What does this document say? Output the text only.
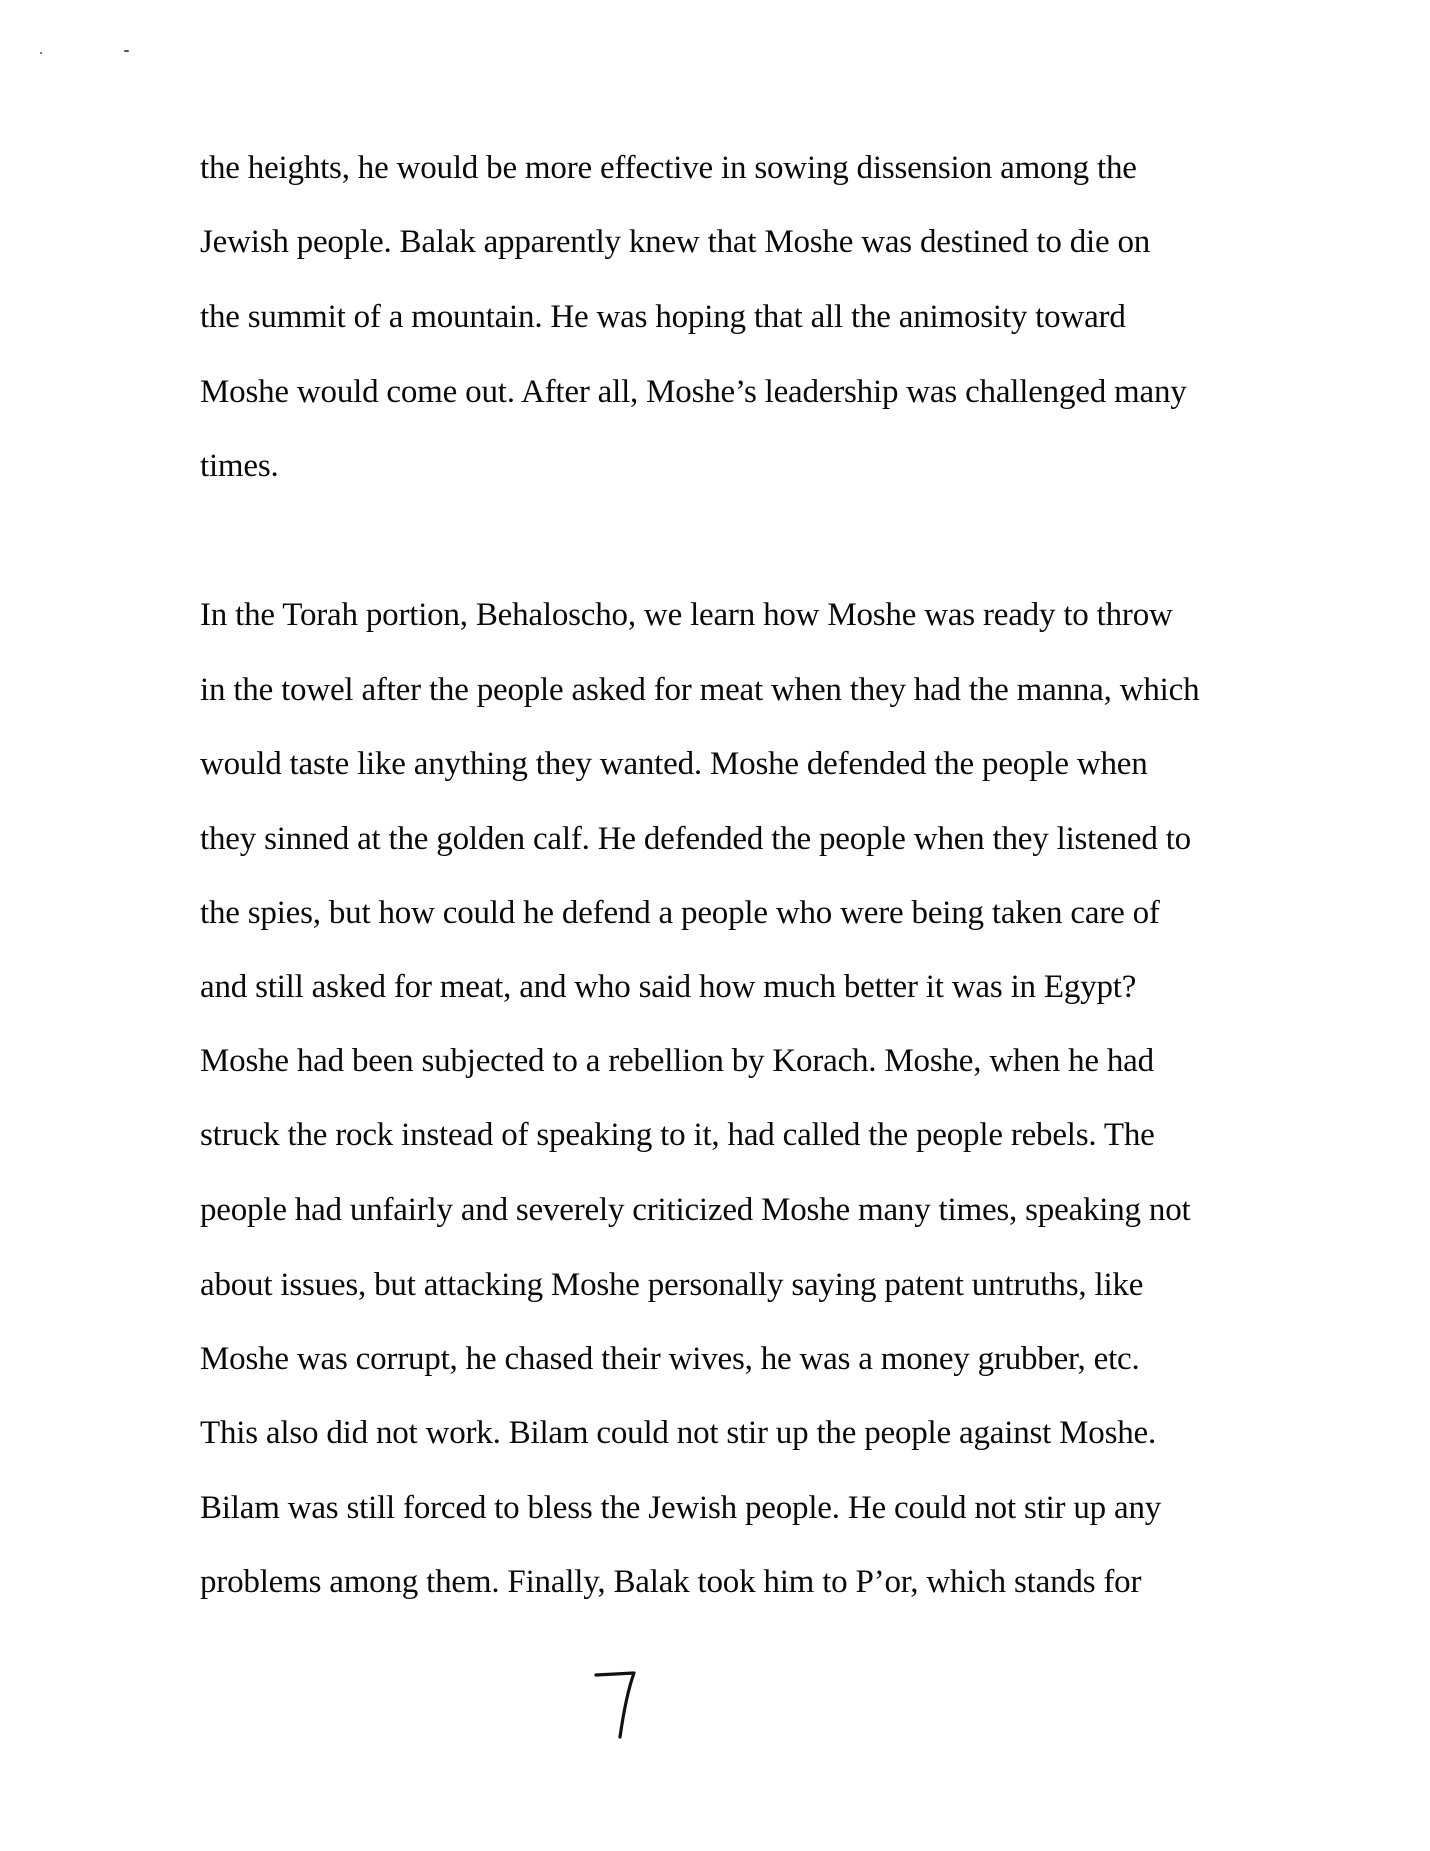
the heights, he would be more effective in sowing dissension among the
Jewish people. Balak apparently knew that Moshe was destined to die on
the summit of a mountain. He was hoping that all the animosity toward
Moshe would come out. After all, Moshe’s leadership was challenged many
times.
In the Torah portion, Behaloscho, we learn how Moshe was ready to throw
in the towel after the people asked for meat when they had the manna, which
would taste like anything they wanted. Moshe defended the people when
they sinned at the golden calf. He defended the people when they listened to
the spies, but how could he defend a people who were being taken care of
and still asked for meat, and who said how much better it was in Egypt?
Moshe had been subjected to a rebellion by Korach. Moshe, when he had
struck the rock instead of speaking to it, had called the people rebels. The
people had unfairly and severely criticized Moshe many times, speaking not
about issues, but attacking Moshe personally saying patent untruths, like
Moshe was corrupt, he chased their wives, he was a money grubber, etc.
This also did not work. Bilam could not stir up the people against Moshe.
Bilam was still forced to bless the Jewish people. He could not stir up any
problems among them. Finally, Balak took him to P’or, which stands for
